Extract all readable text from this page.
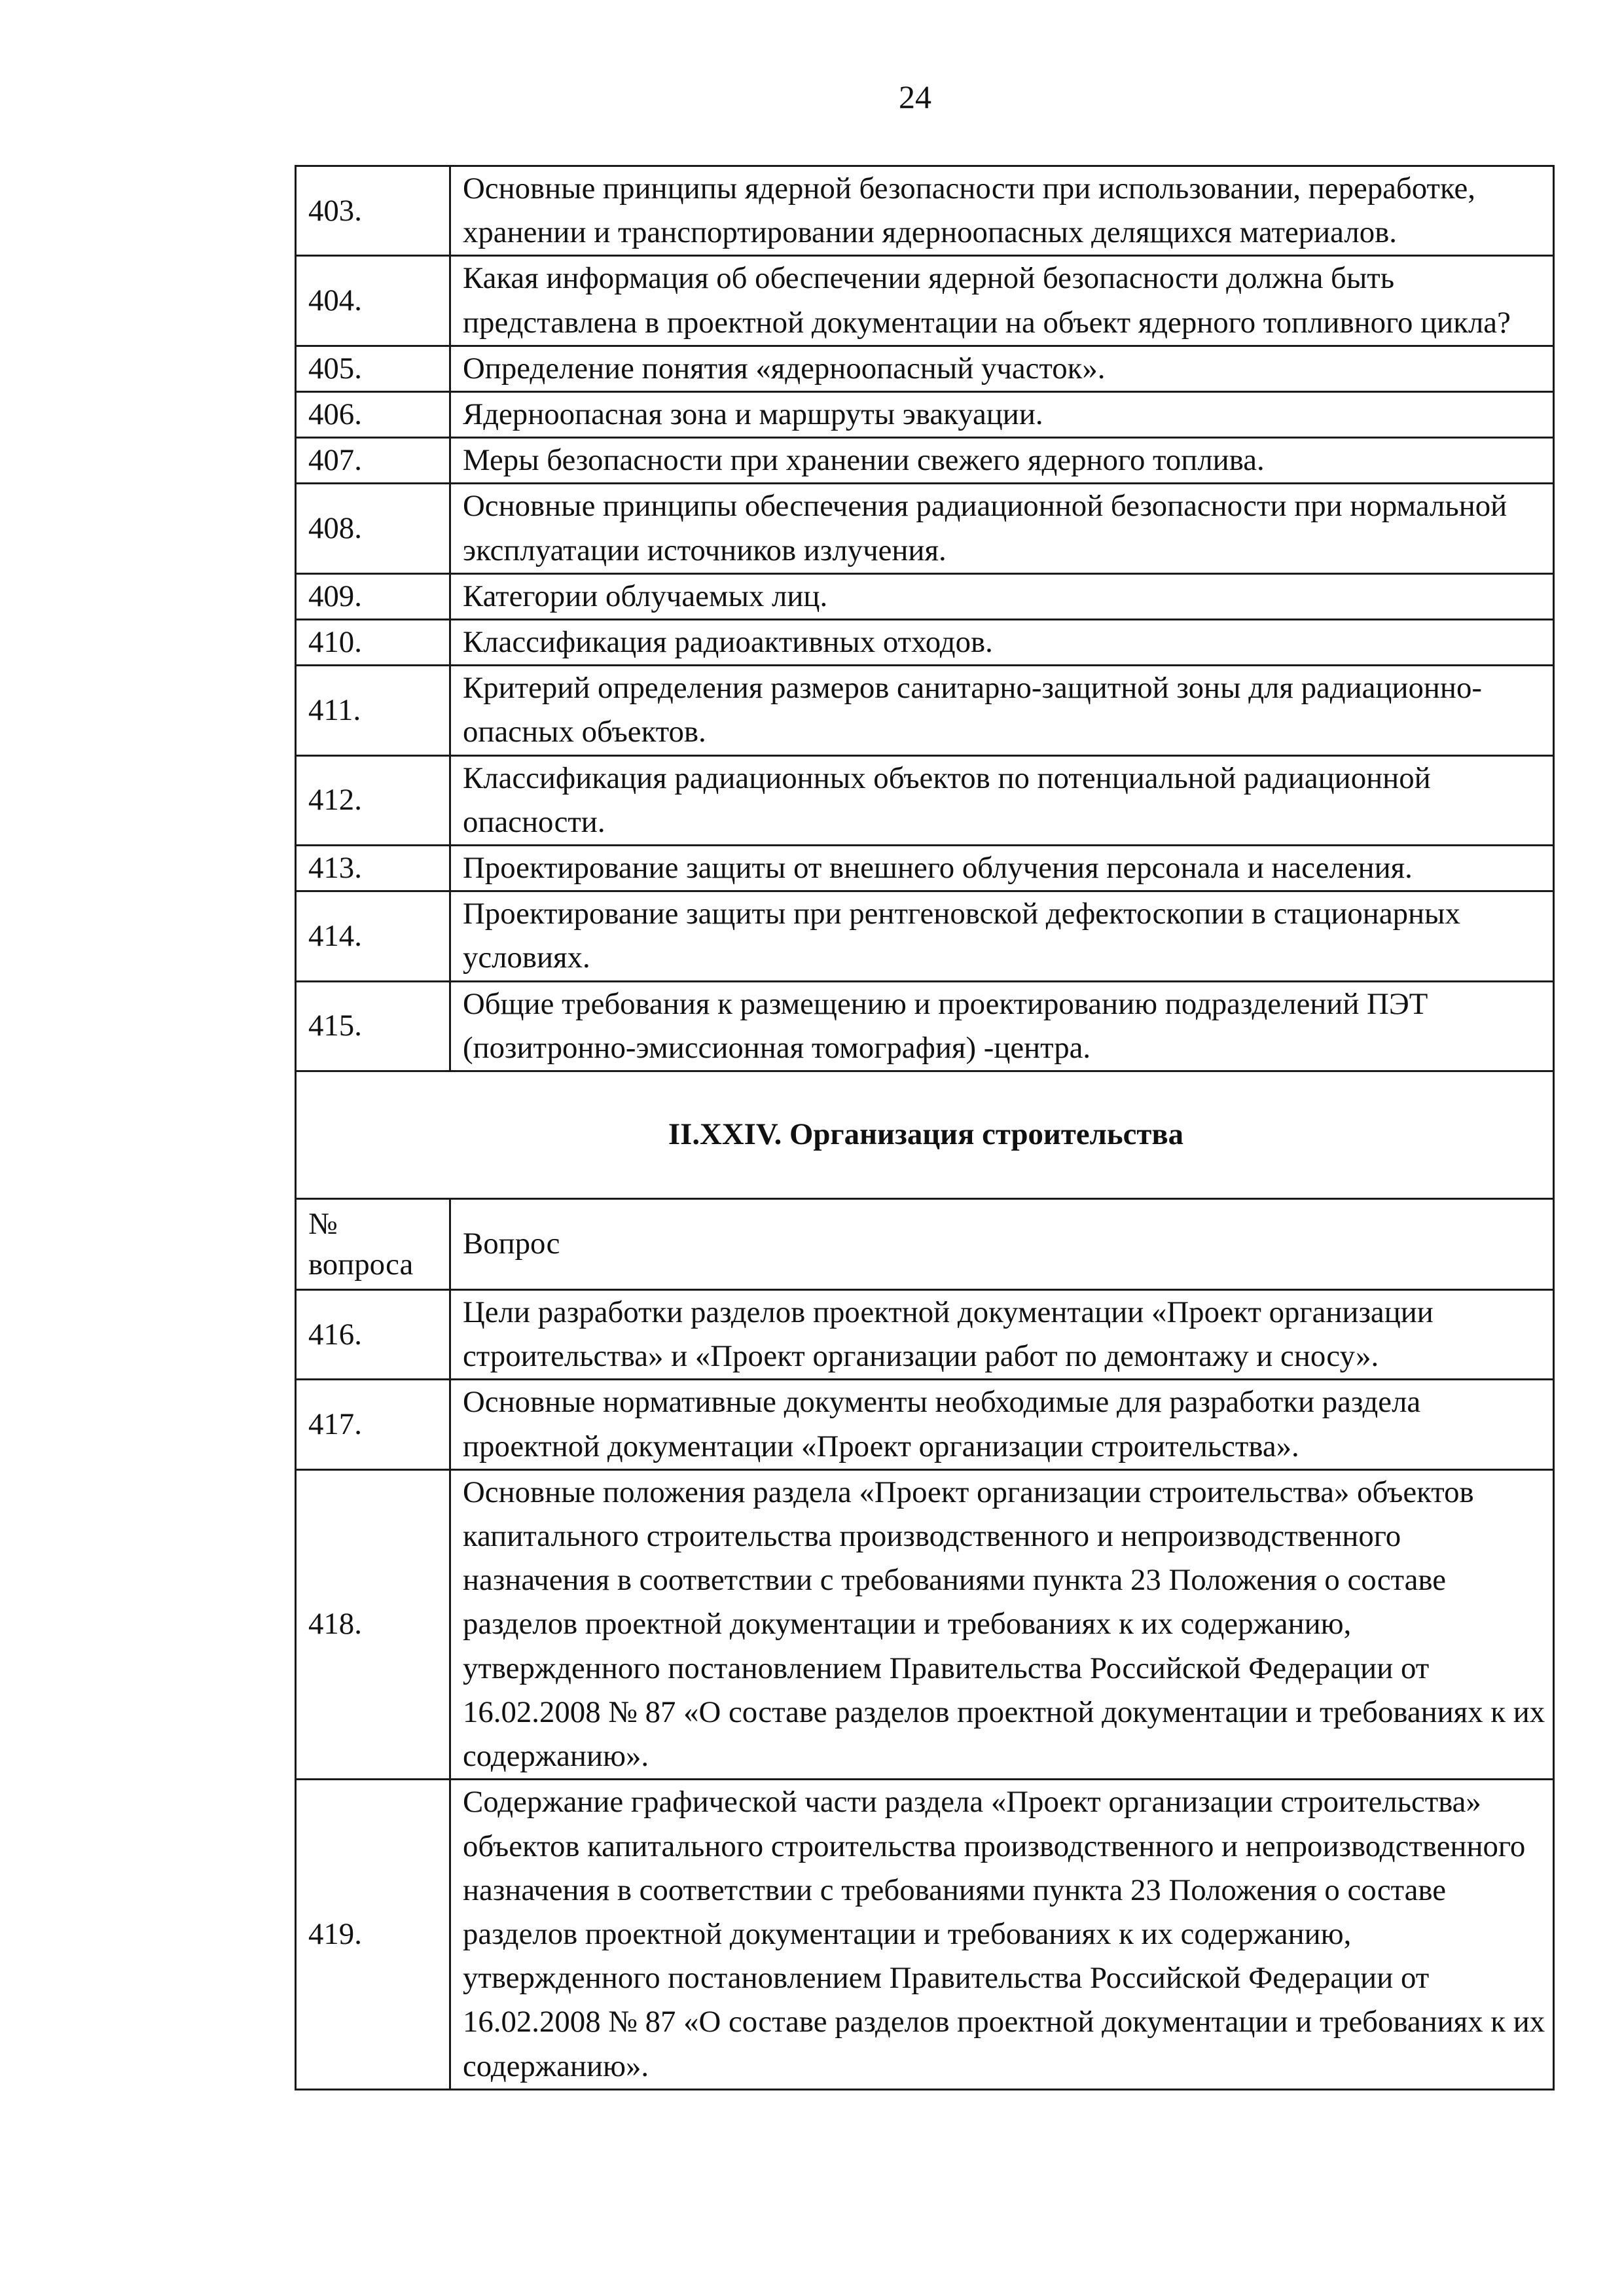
24
403.	Основные принципы ядерной безопасности при использовании, переработке, хранении и транспортировании ядерноопасных делящихся материалов.
404.	Какая информация об обеспечении ядерной безопасности должна быть представлена в проектной документации на объект ядерного топливного цикла?
405.	Определение понятия «ядерноопасный участок».
406.	Ядерноопасная зона и маршруты эвакуации.
407.	Меры безопасности при хранении свежего ядерного топлива.
408.	Основные принципы обеспечения радиационной безопасности при нормальной эксплуатации источников излучения.
409.	Категории облучаемых лиц.
410.	Классификация радиоактивных отходов.
411.	Критерий определения размеров санитарно-защитной зоны для радиационно-опасных объектов.
412.	Классификация радиационных объектов по потенциальной радиационной опасности.
413.	Проектирование защиты от внешнего облучения персонала и населения.
414.	Проектирование защиты при рентгеновской дефектоскопии в стационарных условиях.
415.	Общие требования к размещению и проектированию подразделений ПЭТ (позитронно-эмиссионная томография) -центра.
II.XXIV. Организация строительства	
№
вопроса	Вопрос
416.	Цели разработки разделов проектной документации «Проект организации строительства» и «Проект организации работ по демонтажу и сносу».
417.	Основные нормативные документы необходимые для разработки раздела проектной документации «Проект организации строительства».
418.	Основные положения раздела «Проект организации строительства» объектов капитального строительства производственного и непроизводственного назначения в соответствии с требованиями пункта 23 Положения о составе разделов проектной документации и требованиях к их содержанию, утвержденного постановлением Правительства Российской Федерации от 16.02.2008 № 87 «О составе разделов проектной документации и требованиях к их содержанию».
419.	Содержание графической части раздела «Проект организации строительства» объектов капитального строительства производственного и непроизводственного назначения в соответствии с требованиями пункта 23 Положения о составе разделов проектной документации и требованиях к их содержанию, утвержденного постановлением Правительства Российской Федерации от 16.02.2008 № 87 «О составе разделов проектной документации и требованиях к их содержанию».
